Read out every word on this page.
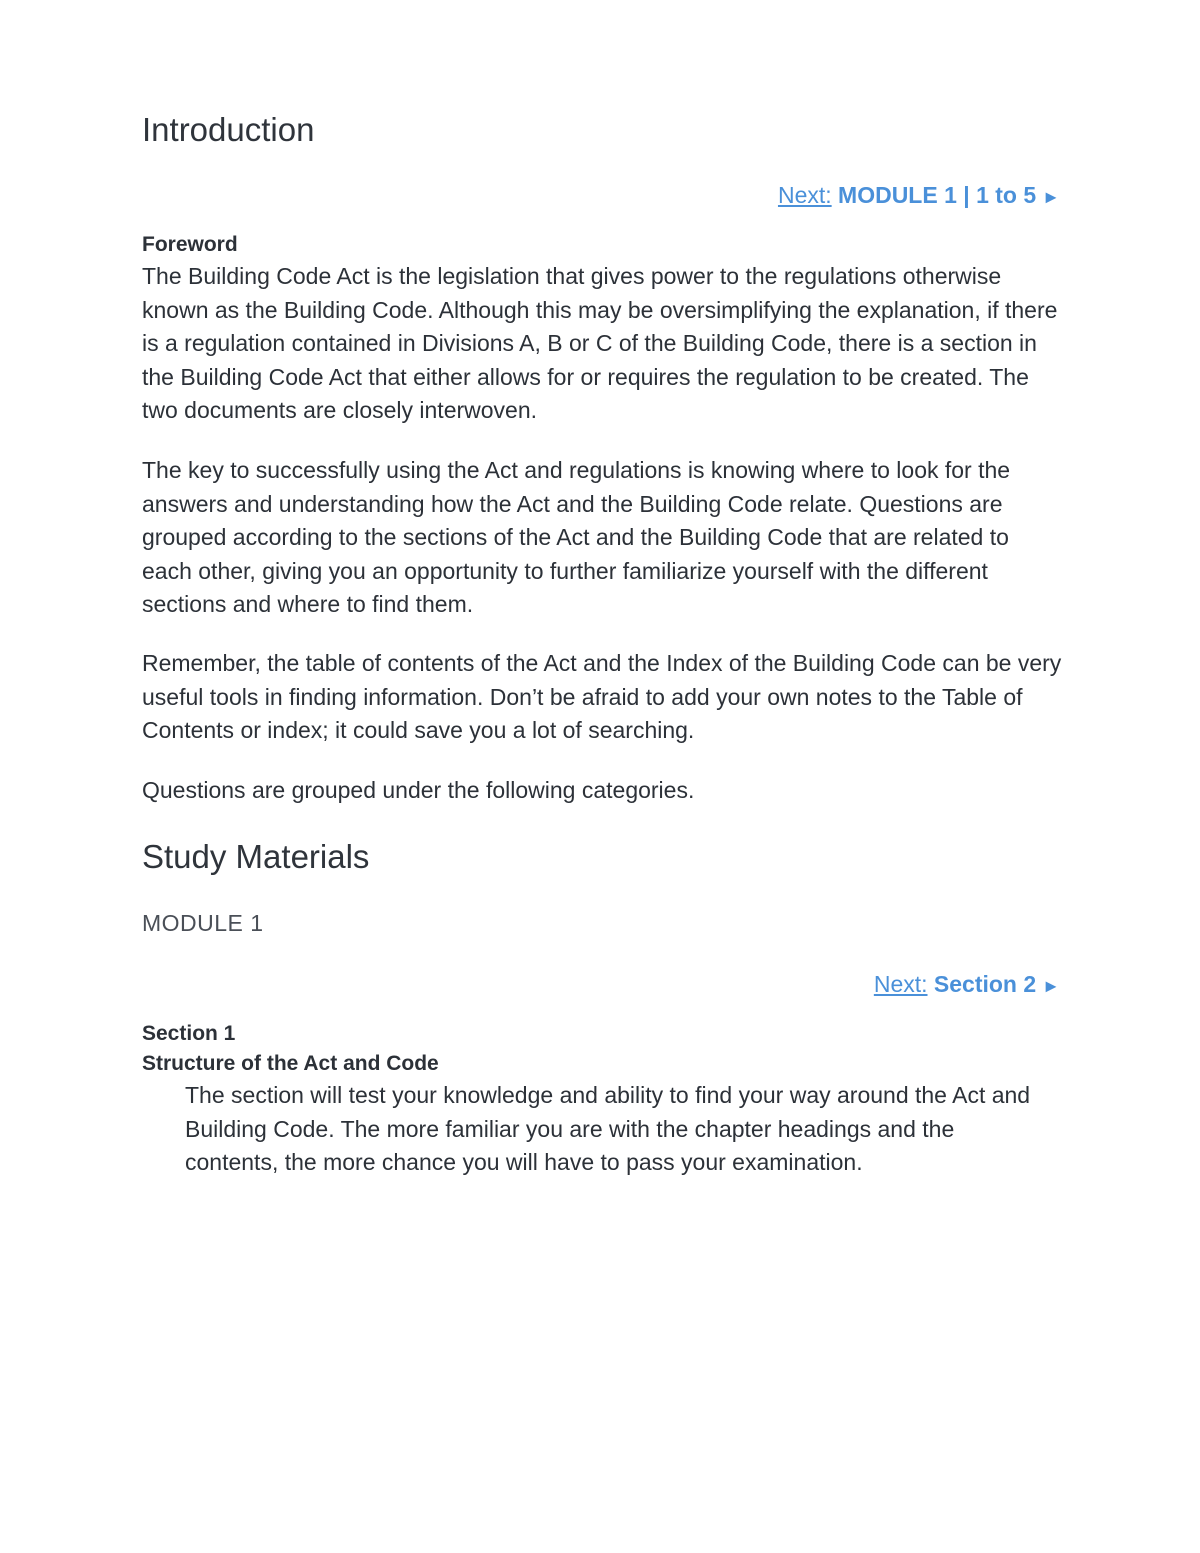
Introduction
Next: MODULE 1 | 1 to 5 ►
Foreword

The Building Code Act is the legislation that gives power to the regulations otherwise known as the Building Code. Although this may be oversimplifying the explanation, if there is a regulation contained in Divisions A, B or C of the Building Code, there is a section in the Building Code Act that either allows for or requires the regulation to be created. The two documents are closely interwoven.

The key to successfully using the Act and regulations is knowing where to look for the answers and understanding how the Act and the Building Code relate. Questions are grouped according to the sections of the Act and the Building Code that are related to each other, giving you an opportunity to further familiarize yourself with the different sections and where to find them.

Remember, the table of contents of the Act and the Index of the Building Code can be very useful tools in finding information. Don’t be afraid to add your own notes to the Table of Contents or index; it could save you a lot of searching.

Questions are grouped under the following categories.

Study Materials
MODULE 1
Next: Section 2 ►
Section 1
Structure of the Act and Code

The section will test your knowledge and ability to find your way around the Act and Building Code. The more familiar you are with the chapter headings and the contents, the more chance you will have to pass your examination.
